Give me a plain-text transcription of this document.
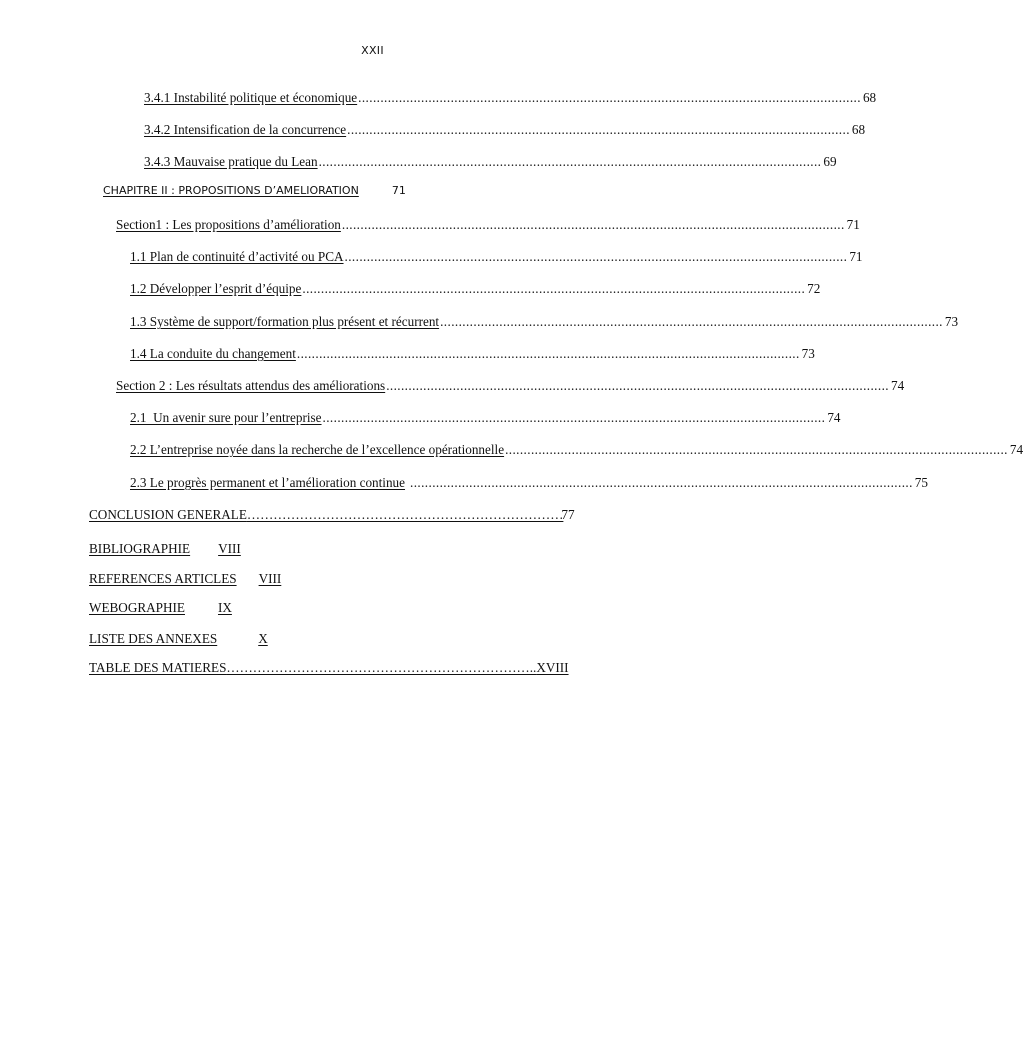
XXII
3.4.1 Instabilité politique et économique ........................................................................................................................................ 68
3.4.2 Intensification de la concurrence ........................................................................................................................................ 68
3.4.3 Mauvaise pratique du Lean ........................................................................................................................................ 69
CHAPITRE II : PROPOSITIONS D’AMELIORATION	71
Section1 : Les propositions d’amélioration ........................................................................................................................................ 71
1.1 Plan de continuité d’activité ou PCA ........................................................................................................................................ 71
1.2 Développer l’esprit d’équipe ........................................................................................................................................ 72
1.3 Système de support/formation plus présent et récurrent ........................................................................................................................................ 73
1.4 La conduite du changement ........................................................................................................................................ 73
Section 2 : Les résultats attendus des améliorations ........................................................................................................................................ 74
2.1  Un avenir sure pour l’entreprise ........................................................................................................................................ 74
2.2 L’entreprise noyée dans la recherche de l’excellence opérationnelle ........................................................................................................................................ 74
2.3 Le progrès permanent et l’amélioration continue ........................................................................................................................................ 75
CONCLUSION GENERALE………………………………………………………………77
BIBLIOGRAPHIE VIII
REFERENCES ARTICLES VIII
WEBOGRAPHIE	IX
LISTE DES ANNEXES	X
TABLE DES MATIERES……………………………………………………………..XVIII
